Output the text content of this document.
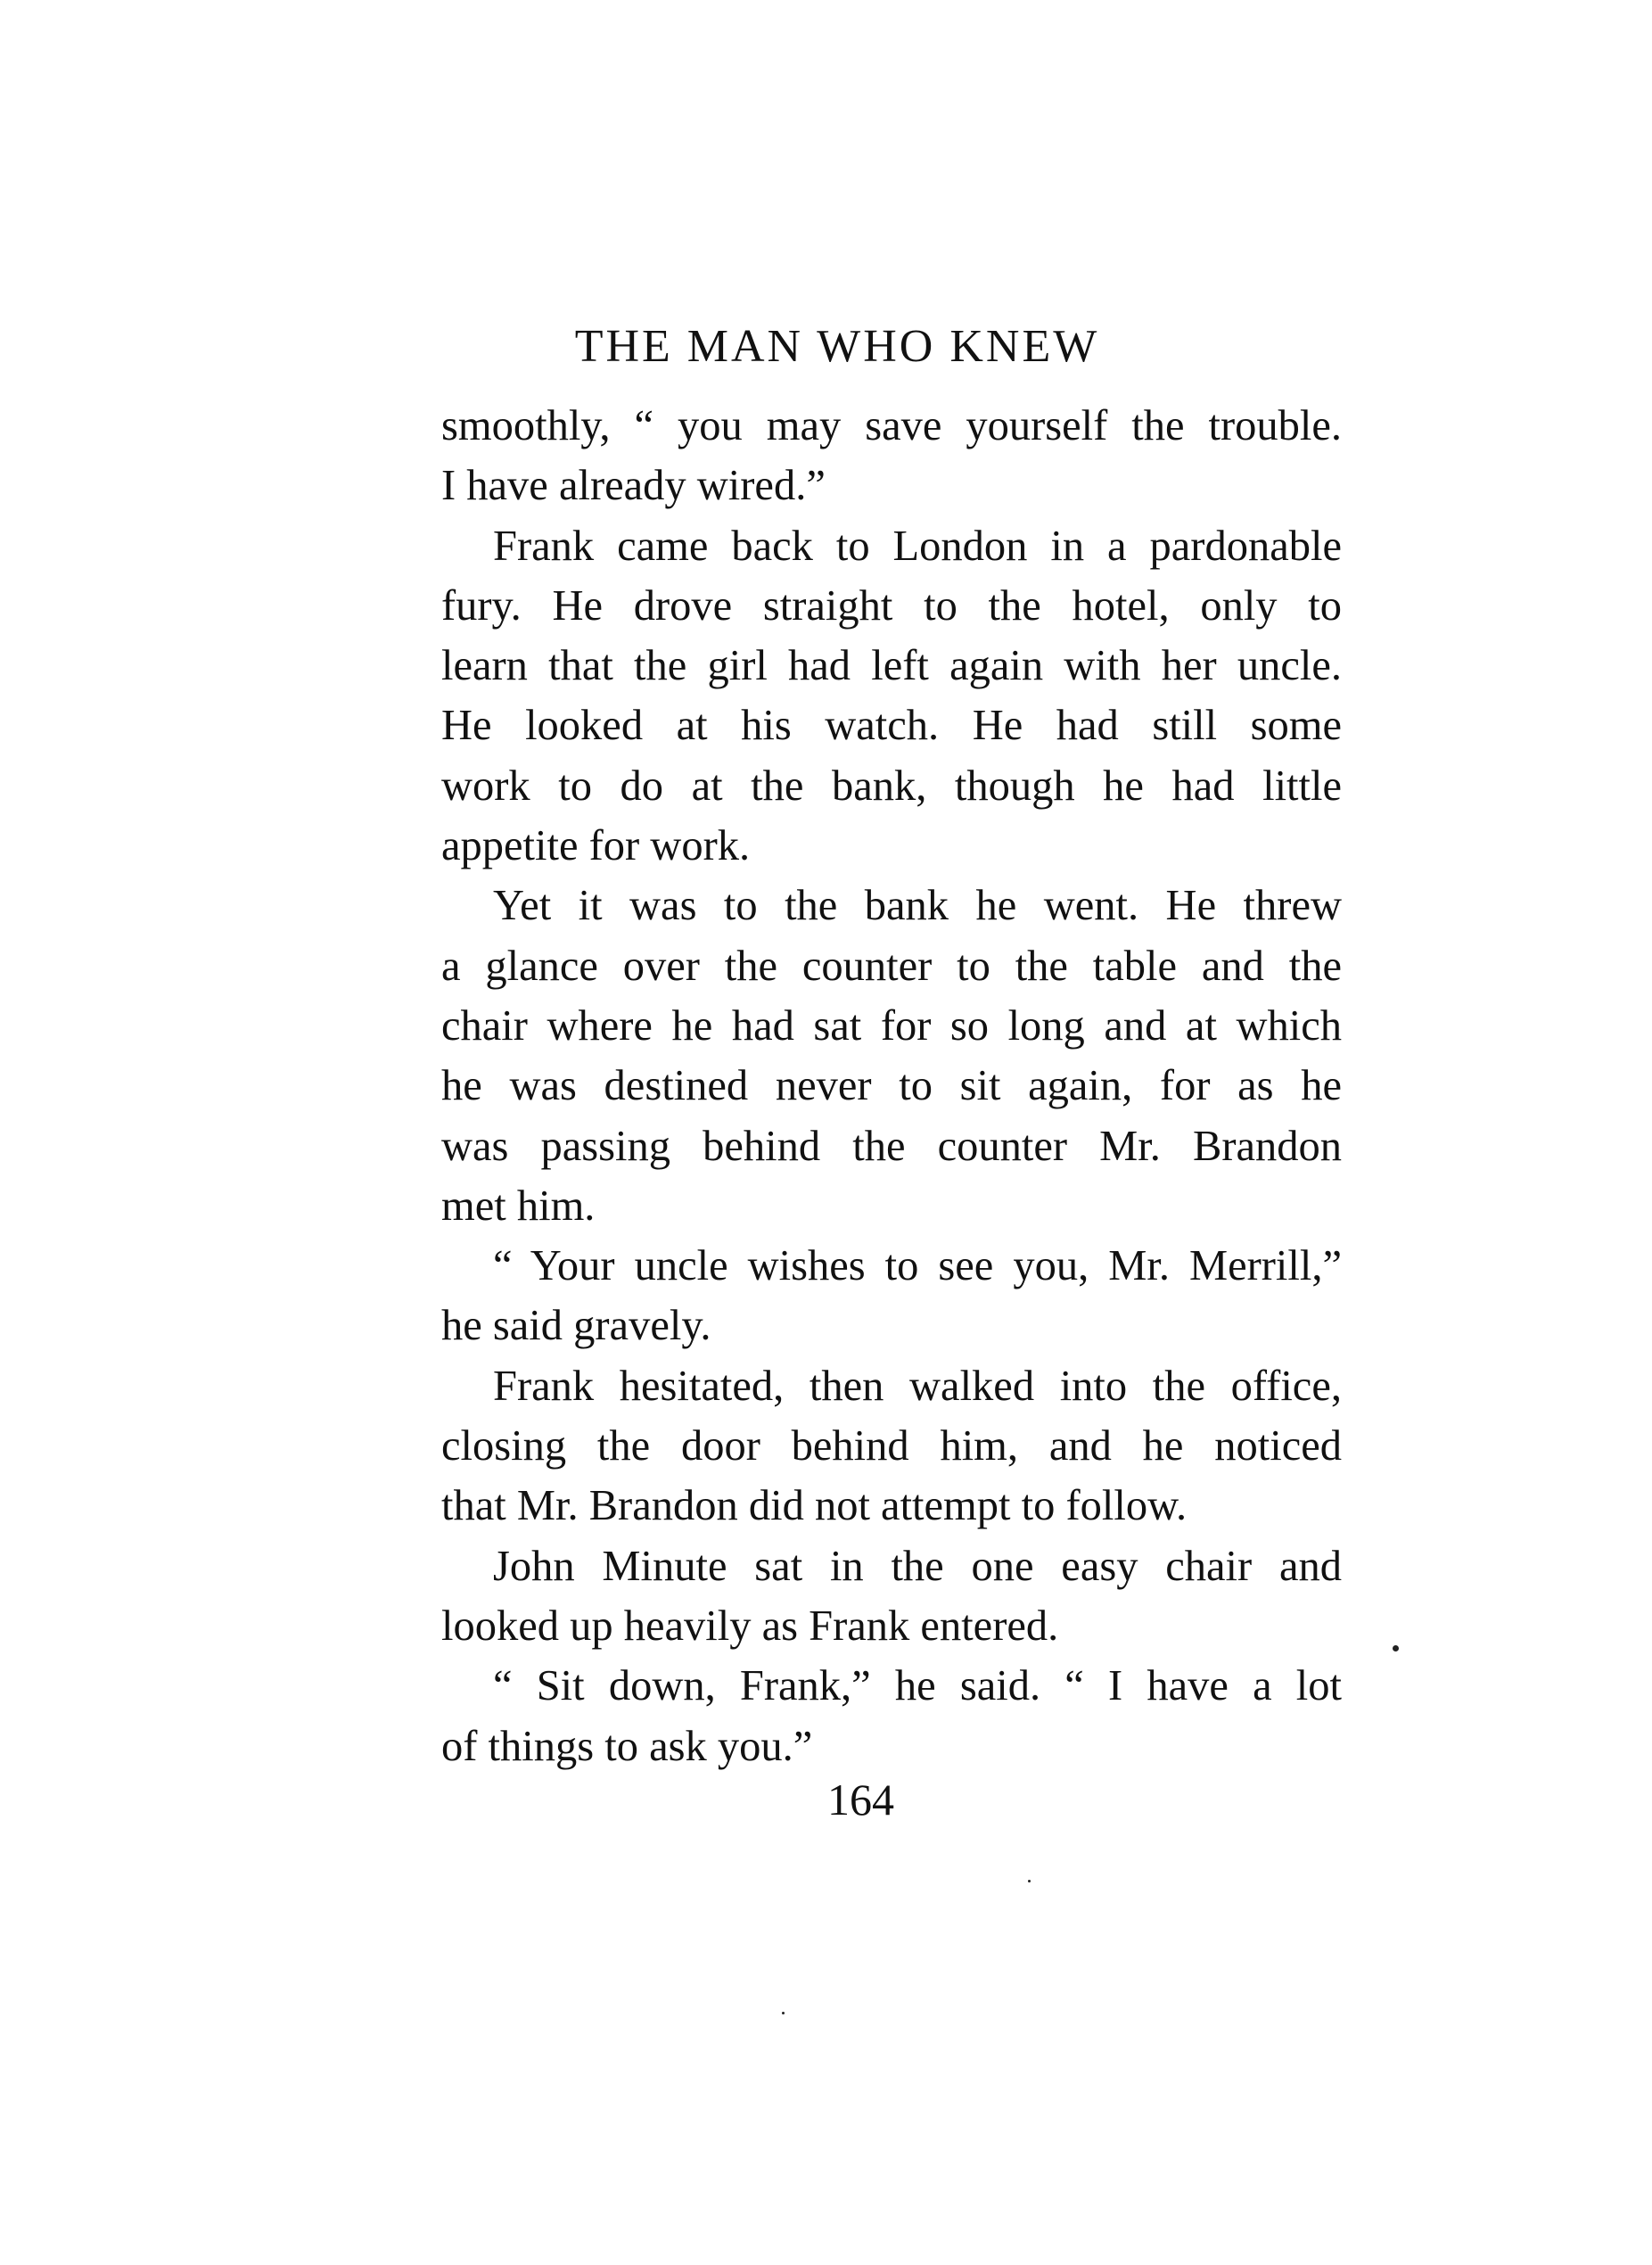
THE MAN WHO KNEW
smoothly, “ you may save yourself the trouble.
I have already wired.”
Frank came back to London in a pardonable
fury. He drove straight to the hotel, only to
learn that the girl had left again with her uncle.
He looked at his watch. He had still some
work to do at the bank, though he had little
appetite for work.
Yet it was to the bank he went. He threw
a glance over the counter to the table and the
chair where he had sat for so long and at which
he was destined never to sit again, for as he
was passing behind the counter Mr. Brandon
met him.
“ Your uncle wishes to see you, Mr. Merrill,”
he said gravely.
Frank hesitated, then walked into the office,
closing the door behind him, and he noticed
that Mr. Brandon did not attempt to follow.
John Minute sat in the one easy chair and
looked up heavily as Frank entered.
“ Sit down, Frank,” he said. “ I have a lot
of things to ask you.”
164
